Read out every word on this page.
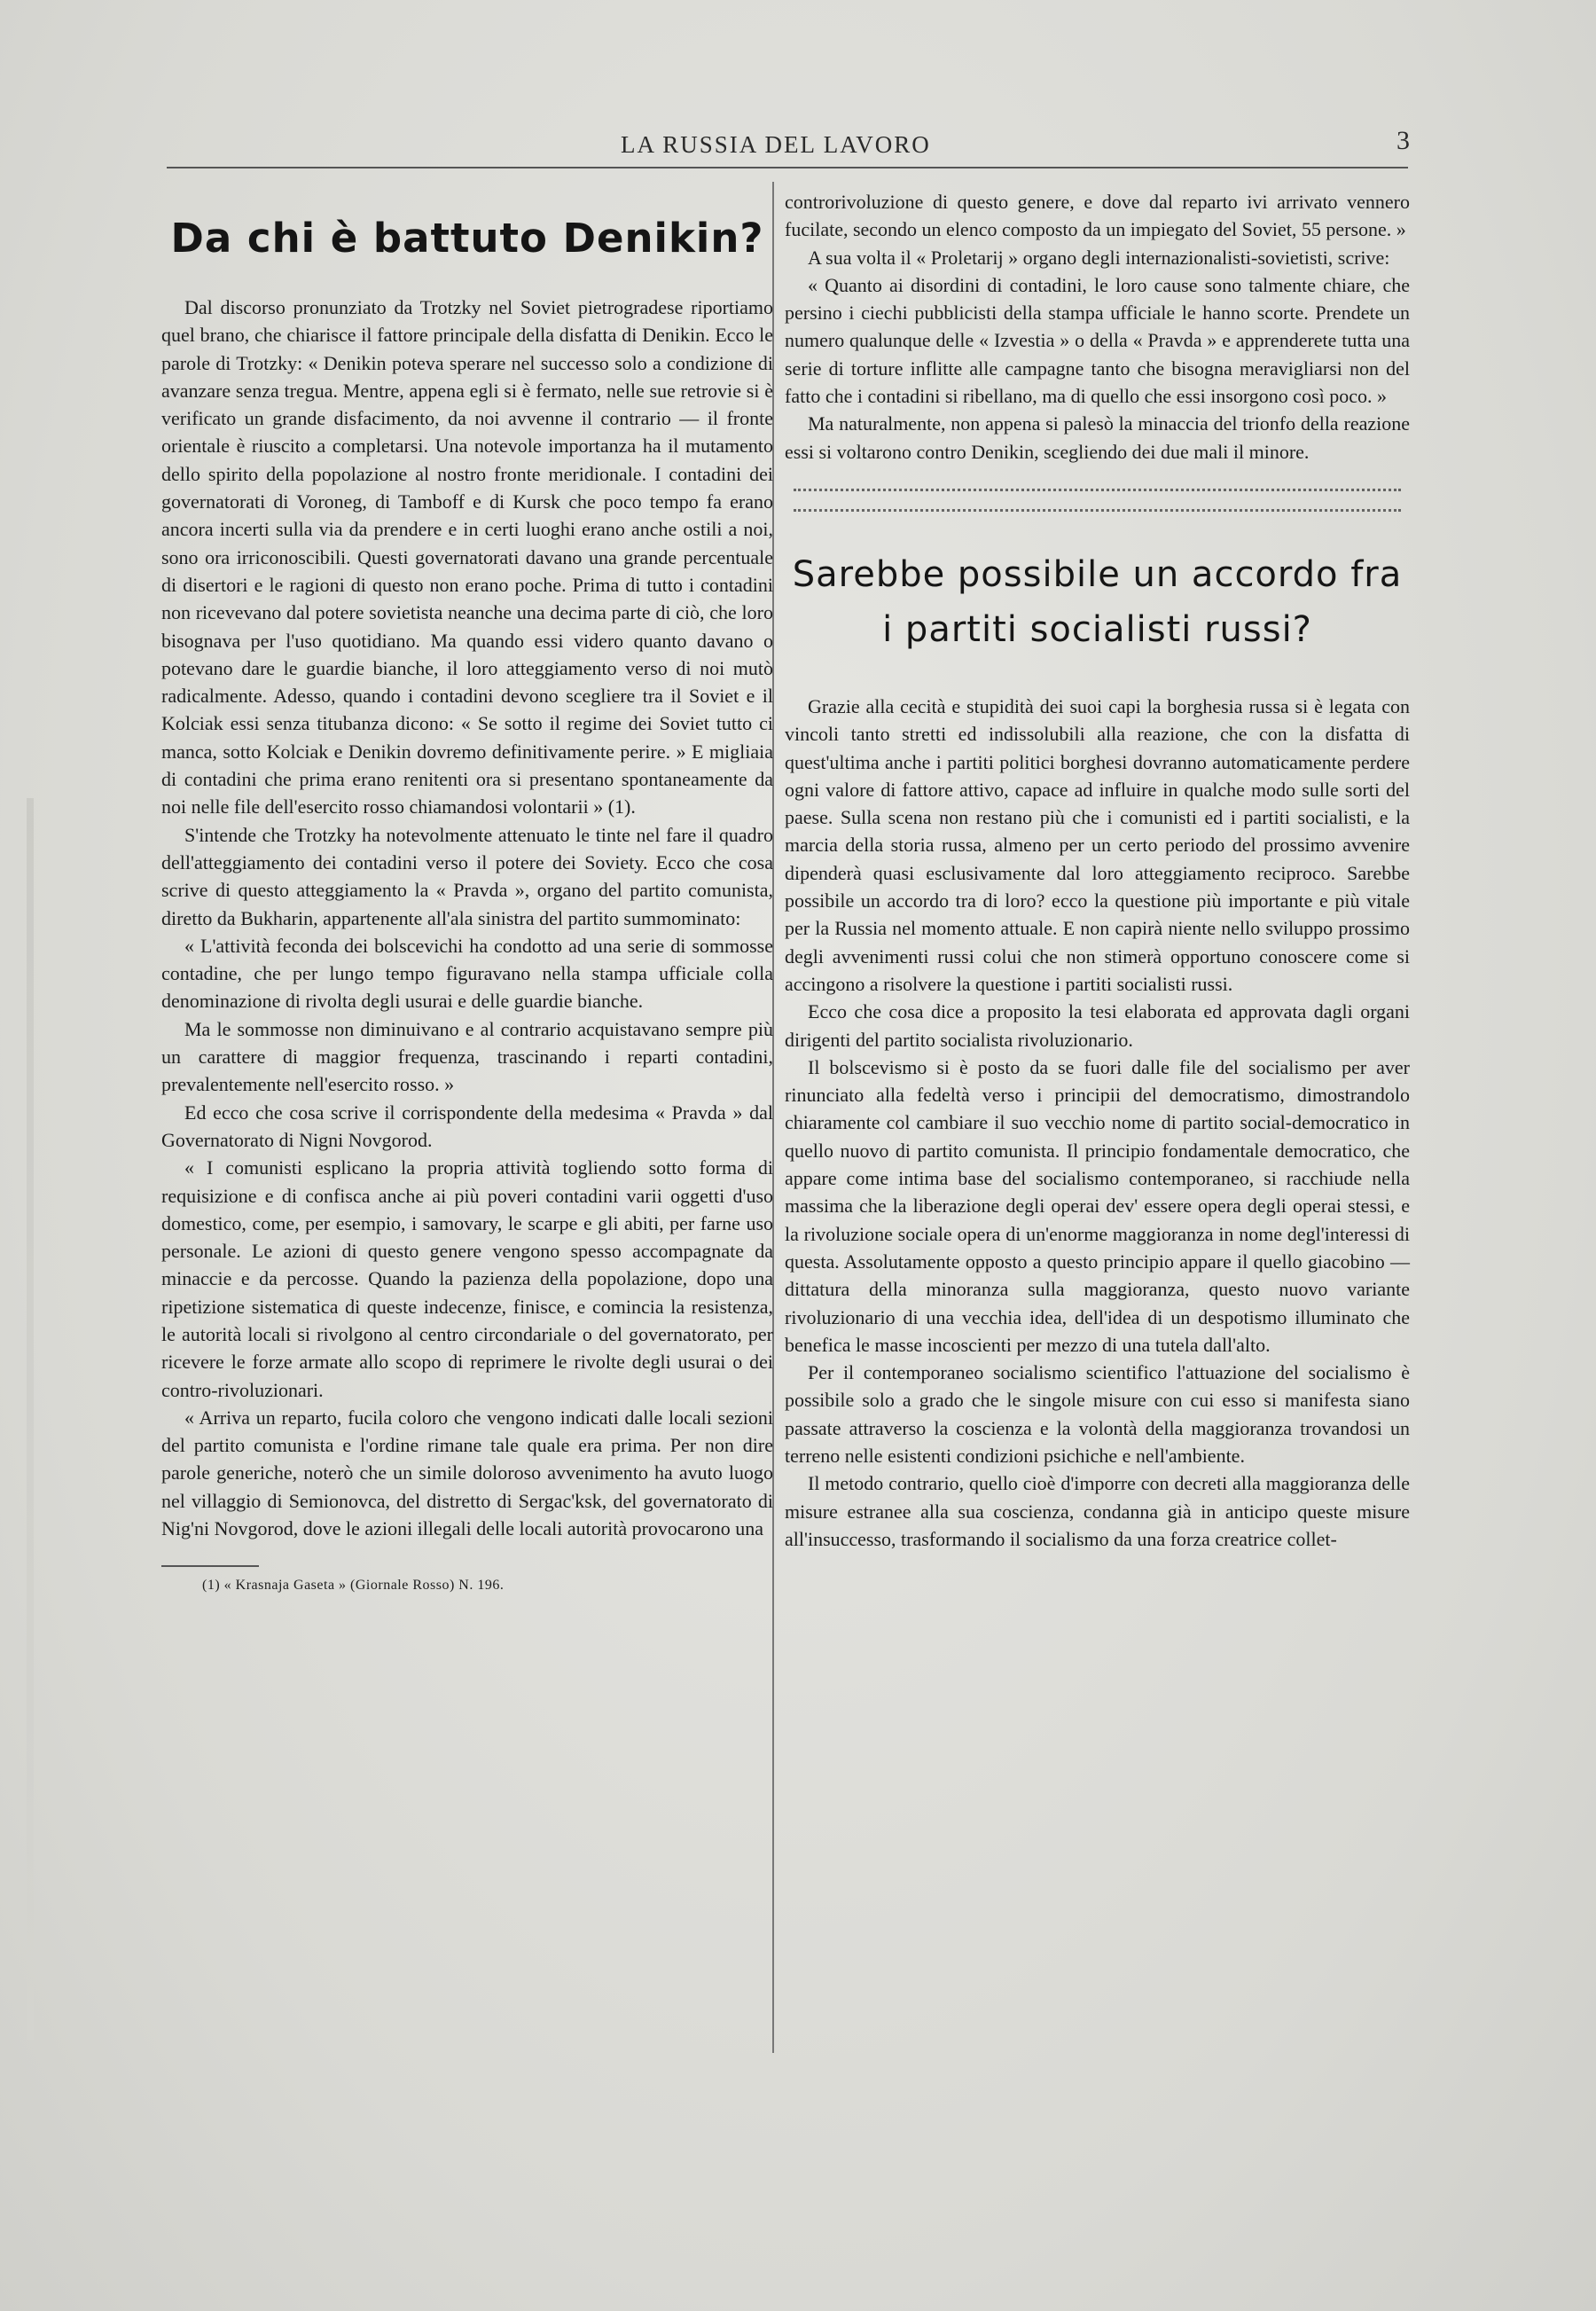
LA RUSSIA DEL LAVORO	3
Da chi è battuto Denikin?

Dal discorso pronunziato da Trotzky nel Soviet pietrogradese riportiamo quel brano, che chiarisce il fattore principale della disfatta di Denikin. Ecco le parole di Trotzky: « Denikin poteva sperare nel successo solo a condizione di avanzare senza tregua. Mentre, appena egli si è fermato, nelle sue retrovie si è verificato un grande disfacimento, da noi avvenne il contrario — il fronte orientale è riuscito a completarsi. Una notevole importanza ha il mutamento dello spirito della popolazione al nostro fronte meridionale. I contadini dei governatorati di Voroneg, di Tamboff e di Kursk che poco tempo fa erano ancora incerti sulla via da prendere e in certi luoghi erano anche ostili a noi, sono ora irriconoscibili. Questi governatorati davano una grande percentuale di disertori e le ragioni di questo non erano poche. Prima di tutto i contadini non ricevevano dal potere sovietista neanche una decima parte di ciò, che loro bisognava per l'uso quotidiano. Ma quando essi videro quanto davano o potevano dare le guardie bianche, il loro atteggiamento verso di noi mutò radicalmente. Adesso, quando i contadini devono scegliere tra il Soviet e il Kolciak essi senza titubanza dicono: « Se sotto il regime dei Soviet tutto ci manca, sotto Kolciak e Denikin dovremo definitivamente perire. » E migliaia di contadini che prima erano renitenti ora si presentano spontaneamente da noi nelle file dell'esercito rosso chiamandosi volontarii » (1).

S'intende che Trotzky ha notevolmente attenuato le tinte nel fare il quadro dell'atteggiamento dei contadini verso il potere dei Soviety. Ecco che cosa scrive di questo atteggiamento la « Pravda », organo del partito comunista, diretto da Bukharin, appartenente all'ala sinistra del partito summominato:

« L'attività feconda dei bolscevichi ha condotto ad una serie di sommosse contadine, che per lungo tempo figuravano nella stampa ufficiale colla denominazione di rivolta degli usurai e delle guardie bianche.

Ma le sommosse non diminuivano e al contrario acquistavano sempre più un carattere di maggior frequenza, trascinando i reparti contadini, prevalentemente nell'esercito rosso. »

Ed ecco che cosa scrive il corrispondente della medesima « Pravda » dal Governatorato di Nigni Novgorod.

« I comunisti esplicano la propria attività togliendo sotto forma di requisizione e di confisca anche ai più poveri contadini varii oggetti d'uso domestico, come, per esempio, i samovary, le scarpe e gli abiti, per farne uso personale. Le azioni di questo genere vengono spesso accompagnate da minaccie e da percosse. Quando la pazienza della popolazione, dopo una ripetizione sistematica di queste indecenze, finisce, e comincia la resistenza, le autorità locali si rivolgono al centro circondariale o del governatorato, per ricevere le forze armate allo scopo di reprimere le rivolte degli usurai o dei contro-rivoluzionari.

« Arriva un reparto, fucila coloro che vengono indicati dalle locali sezioni del partito comunista e l'ordine rimane tale quale era prima. Per non dire parole generiche, noterò che un simile doloroso avvenimento ha avuto luogo nel villaggio di Semionovca, del distretto di Sergac'ksk, del governatorato di Nig'ni Novgorod, dove le azioni illegali delle locali autorità provocarono una

(1) « Krasnaja Gaseta » (Giornale Rosso) N. 196.

controrivoluzione di questo genere, e dove dal reparto ivi arrivato vennero fucilate, secondo un elenco composto da un impiegato del Soviet, 55 persone. »

A sua volta il « Proletarij » organo degli internazionalisti-sovietisti, scrive:

« Quanto ai disordini di contadini, le loro cause sono talmente chiare, che persino i ciechi pubblicisti della stampa ufficiale le hanno scorte. Prendete un numero qualunque delle « Izvestia » o della « Pravda » e apprenderete tutta una serie di torture inflitte alle campagne tanto che bisogna meravigliarsi non del fatto che i contadini si ribellano, ma di quello che essi insorgono così poco. »

Ma naturalmente, non appena si palesò la minaccia del trionfo della reazione essi si voltarono contro Denikin, scegliendo dei due mali il minore.

Sarebbe possibile un accordo fra i partiti socialisti russi?

Grazie alla cecità e stupidità dei suoi capi la borghesia russa si è legata con vincoli tanto stretti ed indissolubili alla reazione, che con la disfatta di quest'ultima anche i partiti politici borghesi dovranno automaticamente perdere ogni valore di fattore attivo, capace ad influire in qualche modo sulle sorti del paese. Sulla scena non restano più che i comunisti ed i partiti socialisti, e la marcia della storia russa, almeno per un certo periodo del prossimo avvenire dipenderà quasi esclusivamente dal loro atteggiamento reciproco. Sarebbe possibile un accordo tra di loro? ecco la questione più importante e più vitale per la Russia nel momento attuale. E non capirà niente nello sviluppo prossimo degli avvenimenti russi colui che non stimerà opportuno conoscere come si accingono a risolvere la questione i partiti socialisti russi.

Ecco che cosa dice a proposito la tesi elaborata ed approvata dagli organi dirigenti del partito socialista rivoluzionario.

Il bolscevismo si è posto da se fuori dalle file del socialismo per aver rinunciato alla fedeltà verso i principii del democratismo, dimostrandolo chiaramente col cambiare il suo vecchio nome di partito social-democratico in quello nuovo di partito comunista. Il principio fondamentale democratico, che appare come intima base del socialismo contemporaneo, si racchiude nella massima che la liberazione degli operai dev' essere opera degli operai stessi, e la rivoluzione sociale opera di un'enorme maggioranza in nome degl'interessi di questa. Assolutamente opposto a questo principio appare il quello giacobino — dittatura della minoranza sulla maggioranza, questo nuovo variante rivoluzionario di una vecchia idea, dell'idea di un despotismo illuminato che benefica le masse incoscienti per mezzo di una tutela dall'alto.

Per il contemporaneo socialismo scientifico l'attuazione del socialismo è possibile solo a grado che le singole misure con cui esso si manifesta siano passate attraverso la coscienza e la volontà della maggioranza trovandosi un terreno nelle esistenti condizioni psichiche e nell'ambiente.

Il metodo contrario, quello cioè d'imporre con decreti alla maggioranza delle misure estranee alla sua coscienza, condanna già in anticipo queste misure all'insuccesso, trasformando il socialismo da una forza creatrice collet-
